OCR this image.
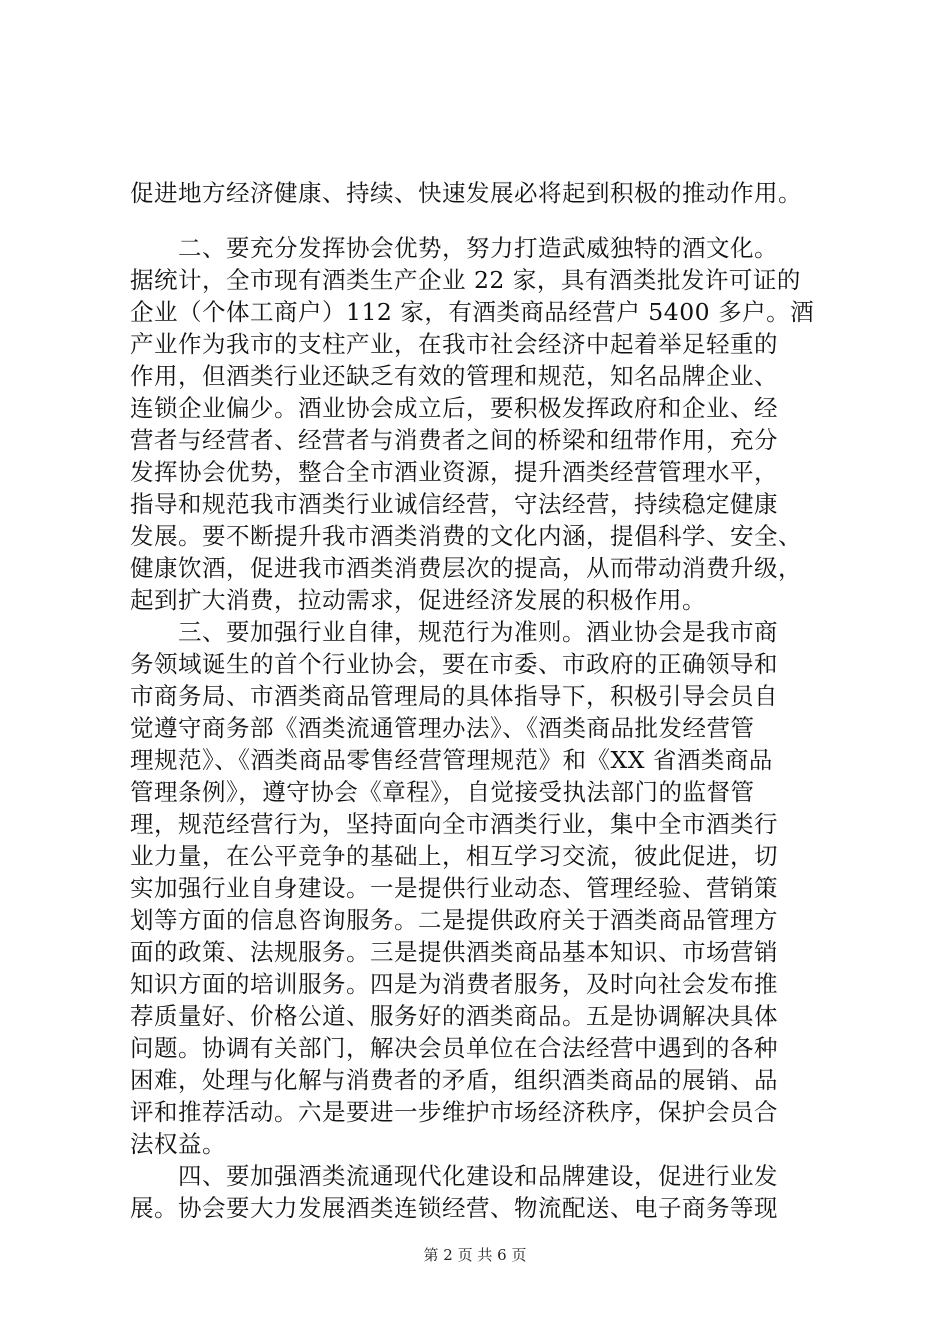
促进地方经济健康、持续、快速发展必将起到积极的推动作用。
　　二、要充分发挥协会优势，努力打造武威独特的酒文化。
据统计，全市现有酒类生产企业 22 家，具有酒类批发许可证的
企业（个体工商户）112 家，有酒类商品经营户 5400 多户。酒
产业作为我市的支柱产业，在我市社会经济中起着举足轻重的
作用，但酒类行业还缺乏有效的管理和规范，知名品牌企业、
连锁企业偏少。酒业协会成立后，要积极发挥政府和企业、经
营者与经营者、经营者与消费者之间的桥梁和纽带作用，充分
发挥协会优势，整合全市酒业资源，提升酒类经营管理水平，
指导和规范我市酒类行业诚信经营，守法经营，持续稳定健康
发展。要不断提升我市酒类消费的文化内涵，提倡科学、安全、
健康饮酒，促进我市酒类消费层次的提高，从而带动消费升级，
起到扩大消费，拉动需求，促进经济发展的积极作用。
　　三、要加强行业自律，规范行为准则。酒业协会是我市商
务领域诞生的首个行业协会，要在市委、市政府的正确领导和
市商务局、市酒类商品管理局的具体指导下，积极引导会员自
觉遵守商务部《酒类流通管理办法》、《酒类商品批发经营管
理规范》、《酒类商品零售经营管理规范》和《XX 省酒类商品
管理条例》，遵守协会《章程》，自觉接受执法部门的监督管
理，规范经营行为，坚持面向全市酒类行业，集中全市酒类行
业力量，在公平竞争的基础上，相互学习交流，彼此促进，切
实加强行业自身建设。一是提供行业动态、管理经验、营销策
划等方面的信息咨询服务。二是提供政府关于酒类商品管理方
面的政策、法规服务。三是提供酒类商品基本知识、市场营销
知识方面的培训服务。四是为消费者服务，及时向社会发布推
荐质量好、价格公道、服务好的酒类商品。五是协调解决具体
问题。协调有关部门，解决会员单位在合法经营中遇到的各种
困难，处理与化解与消费者的矛盾，组织酒类商品的展销、品
评和推荐活动。六是要进一步维护市场经济秩序，保护会员合
法权益。
　　四、要加强酒类流通现代化建设和品牌建设，促进行业发
展。协会要大力发展酒类连锁经营、物流配送、电子商务等现
第 2 页 共 6 页
